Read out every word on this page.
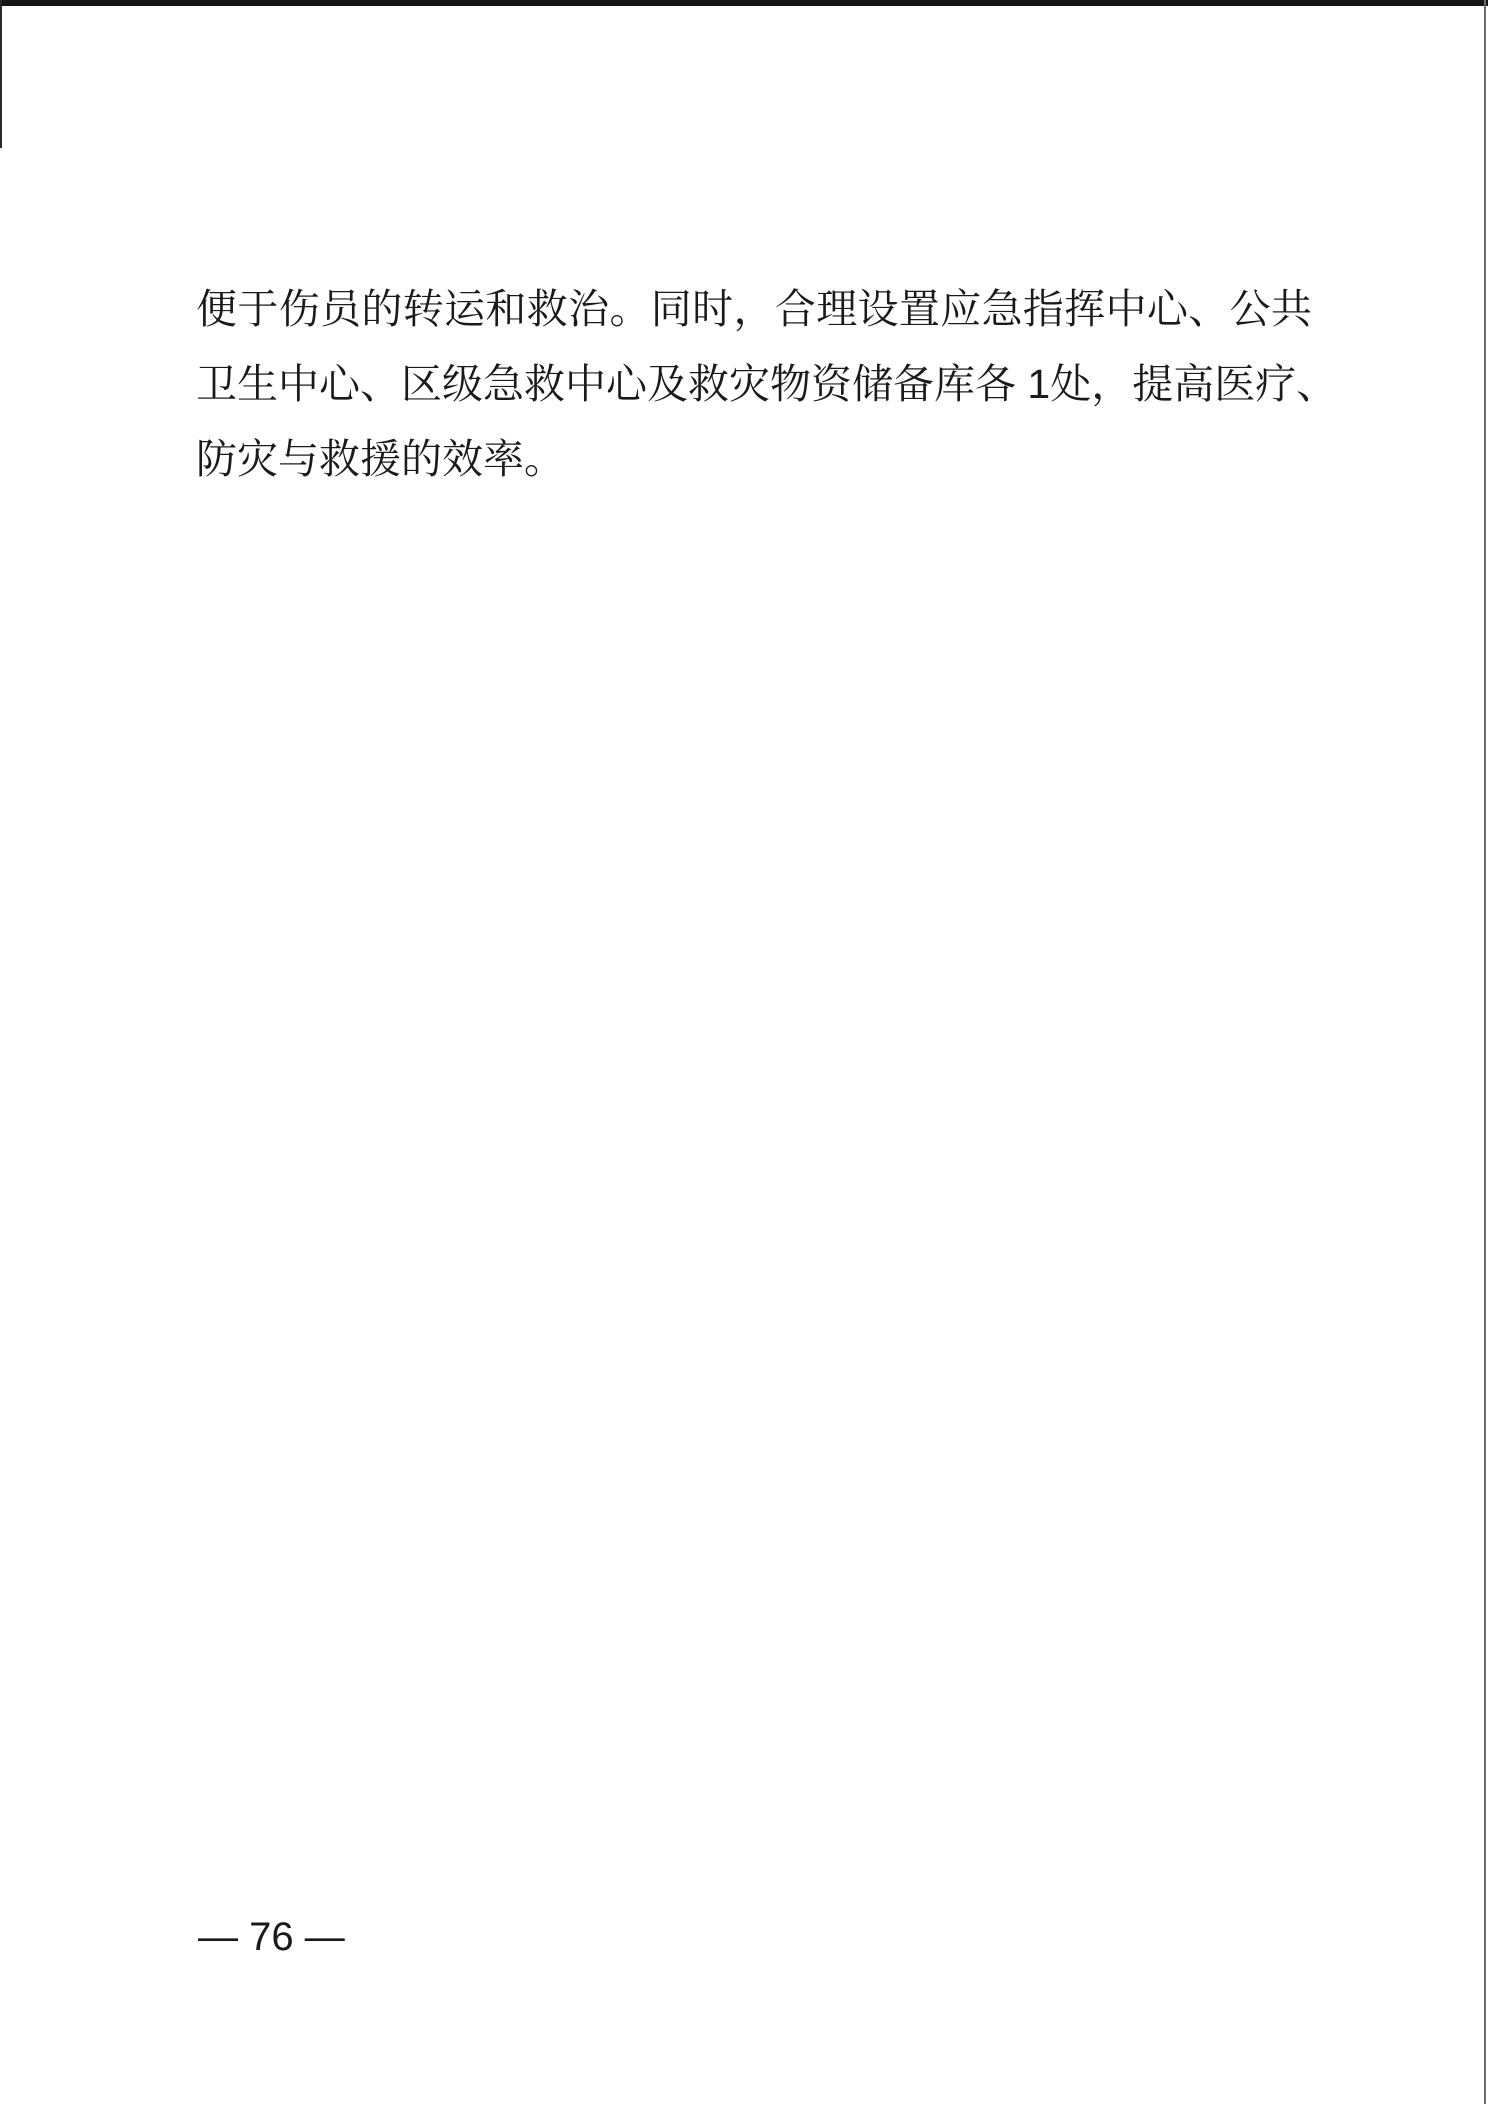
便于伤员的转运和救治。同时，合理设置应急指挥中心、公共
卫生中心、区级急救中心及救灾物资储备库各 1处，提高医疗、
防灾与救援的效率。
— 76 —
